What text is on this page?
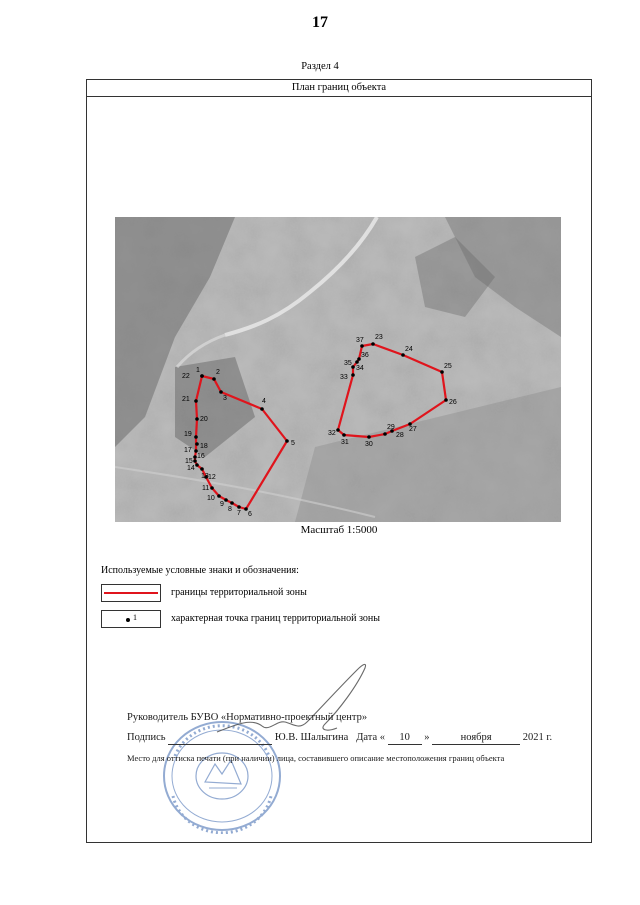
17
Раздел 4
План границ объекта
1 2
3	4
5
6
7
8
9
10
11
12
13
14
15
16
17
18
19
20
21
22
23
24
25
26
27
28
29
30
31
32
33
34
35
36
37
Масштаб 1:5000
Используемые условные знаки и обозначения:
границы территориальной зоны
1	характерная точка границ территориальной зоны
Руководитель БУВО «Нормативно-проектный центр»
Подпись	Ю.В. Шалыгина Дата « 10 »	ноября	2021 г.
Место для оттиска печати (при наличии) лица, составившего описание местоположения границ объекта
